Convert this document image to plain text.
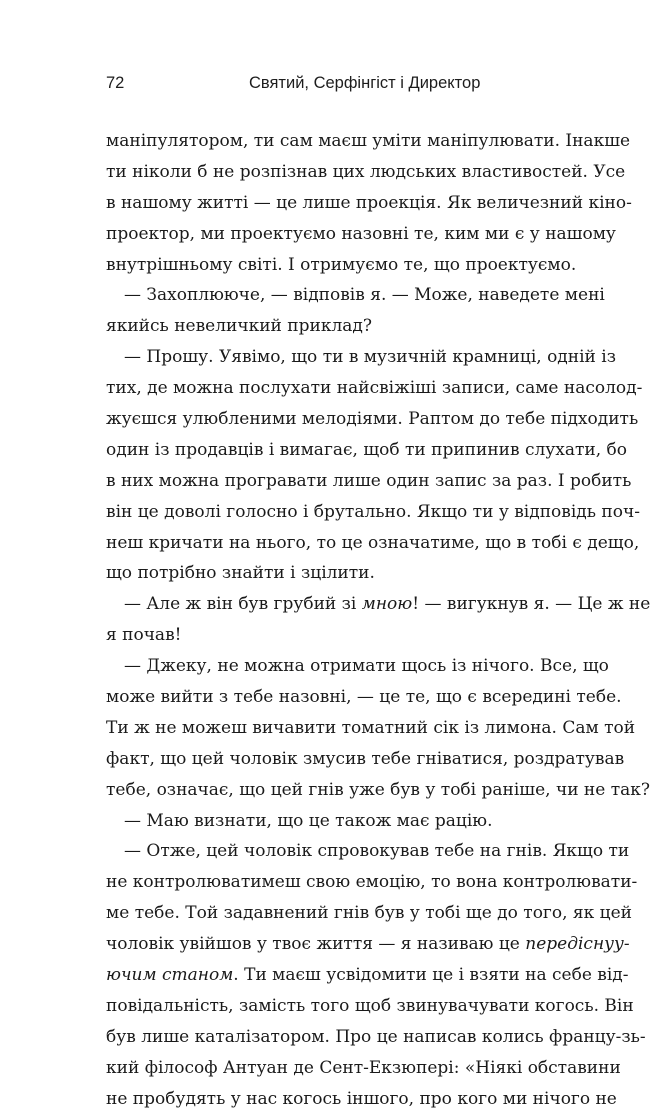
72	Святий, Серфінгіст і Директор
маніпулятором, ти сам маєш уміти маніпулювати. Інакше
ти ніколи б не розпізнав цих людських властивостей. Усе
в нашому житті — це лише проекція. Як величезний кіно-
проектор, ми проектуємо назовні те, ким ми є у нашому
внутрішньому світі. І отримуємо те, що проектуємо.
— Захоплююче, — відповів я. — Може, наведете мені
якийсь невеличкий приклад?
— Прошу. Уявімо, що ти в музичній крамниці, одній із
тих, де можна послухати найсвіжіші записи, саме насолод-
жуєшся улюбленими мелодіями. Раптом до тебе підходить
один із продавців і вимагає, щоб ти припинив слухати, бо
в них можна програвати лише один запис за раз. І робить
він це доволі голосно і брутально. Якщо ти у відповідь поч-
неш кричати на нього, то це означатиме, що в тобі є дещо,
що потрібно знайти і зцілити.
— Але ж він був грубий зі мною! — вигукнув я. — Це ж не
я почав!
— Джеку, не можна отримати щось із нічого. Все, що
може вийти з тебе назовні, — це те, що є всередині тебе.
Ти ж не можеш вичавити томатний сік із лимона. Сам той
факт, що цей чоловік змусив тебе гніватися, роздратував
тебе, означає, що цей гнів уже був у тобі раніше, чи не так?
— Маю визнати, що це також має рацію.
— Отже, цей чоловік спровокував тебе на гнів. Якщо ти
не контролюватимеш свою емоцію, то вона контролювати-
ме тебе. Той задавнений гнів був у тобі ще до того, як цей
чоловік увійшов у твоє життя — я називаю це передіснуу-
ючим станом. Ти маєш усвідомити це і взяти на себе від-
повідальність, замість того щоб звинувачувати когось. Він
був лише каталізатором. Про це написав колись францу-зь-
кий філософ Антуан де Сент-Екзюпері: «Ніякі обставини
не пробудять у нас когось іншого, про кого ми нічого не
